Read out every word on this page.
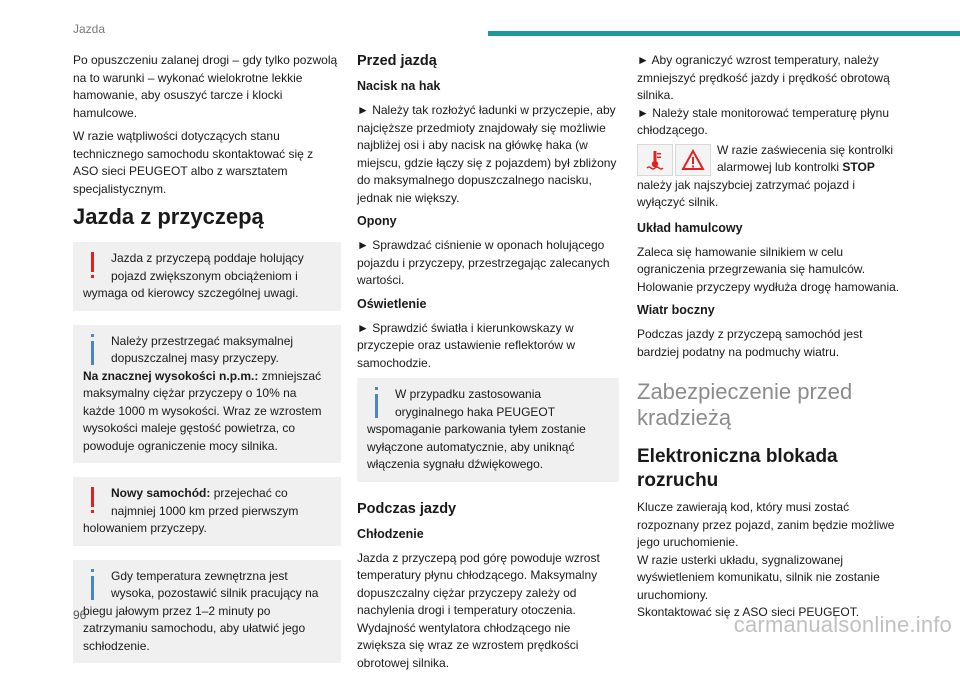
Jazda

Po opuszczeniu zalanej drogi – gdy tylko pozwolą na to warunki – wykonać wielokrotne lekkie hamowanie, aby osuszyć tarcze i klocki hamulcowe.

W razie wątpliwości dotyczących stanu technicznego samochodu skontaktować się z ASO sieci PEUGEOT albo z warsztatem specjalistycznym.

Jazda z przyczepą
Jazda z przyczepą poddaje holujący pojazd zwiększonym obciążeniom i wymaga od kierowcy szczególnej uwagi.
Należy przestrzegać maksymalnej dopuszczalnej masy przyczepy.
Na znacznej wysokości n.p.m.: zmniejszać maksymalny ciężar przyczepy o 10% na każde 1000 m wysokości. Wraz ze wzrostem wysokości maleje gęstość powietrza, co powoduje ograniczenie mocy silnika.
Nowy samochód: przejechać co najmniej 1000 km przed pierwszym holowaniem przyczepy.
Gdy temperatura zewnętrzna jest wysoka, pozostawić silnik pracujący na biegu jałowym przez 1–2 minuty po zatrzymaniu samochodu, aby ułatwić jego schłodzenie.
Przed jazdą
Nacisk na hak

► Należy tak rozłożyć ładunki w przyczepie, aby najcięższe przedmioty znajdowały się możliwie najbliżej osi i aby nacisk na główkę haka (w miejscu, gdzie łączy się z pojazdem) był zbliżony do maksymalnego dopuszczalnego nacisku, jednak nie większy.

Opony

► Sprawdzać ciśnienie w oponach holującego pojazdu i przyczepy, przestrzegając zalecanych wartości.

Oświetlenie

► Sprawdzić światła i kierunkowskazy w przyczepie oraz ustawienie reflektorów w samochodzie.

W przypadku zastosowania oryginalnego haka PEUGEOT wspomaganie parkowania tyłem zostanie wyłączone automatycznie, aby uniknąć włączenia sygnału dźwiękowego.
Podczas jazdy
Chłodzenie

Jazda z przyczepą pod górę powoduje wzrost temperatury płynu chłodzącego. Maksymalny dopuszczalny ciężar przyczepy zależy od nachylenia drogi i temperatury otoczenia. Wydajność wentylatora chłodzącego nie zwiększa się wraz ze wzrostem prędkości obrotowej silnika.

► Aby ograniczyć wzrost temperatury, należy zmniejszyć prędkość jazdy i prędkość obrotową silnika.

► Należy stale monitorować temperaturę płynu chłodzącego.

W razie zaświecenia się kontrolki alarmowej lub kontrolki STOP należy jak najszybciej zatrzymać pojazd i wyłączyć silnik.

Układ hamulcowy

Zaleca się hamowanie silnikiem w celu ograniczenia przegrzewania się hamulców. Holowanie przyczepy wydłuża drogę hamowania.

Wiatr boczny

Podczas jazdy z przyczepą samochód jest bardziej podatny na podmuchy wiatru.

Zabezpieczenie przed kradzieżą
Elektroniczna blokada rozruchu

Klucze zawierają kod, który musi zostać rozpoznany przez pojazd, zanim będzie możliwe jego uruchomienie.

W razie usterki układu, sygnalizowanej wyświetleniem komunikatu, silnik nie zostanie uruchomiony.

Skontaktować się z ASO sieci PEUGEOT.

96	carmanualsonline.info
